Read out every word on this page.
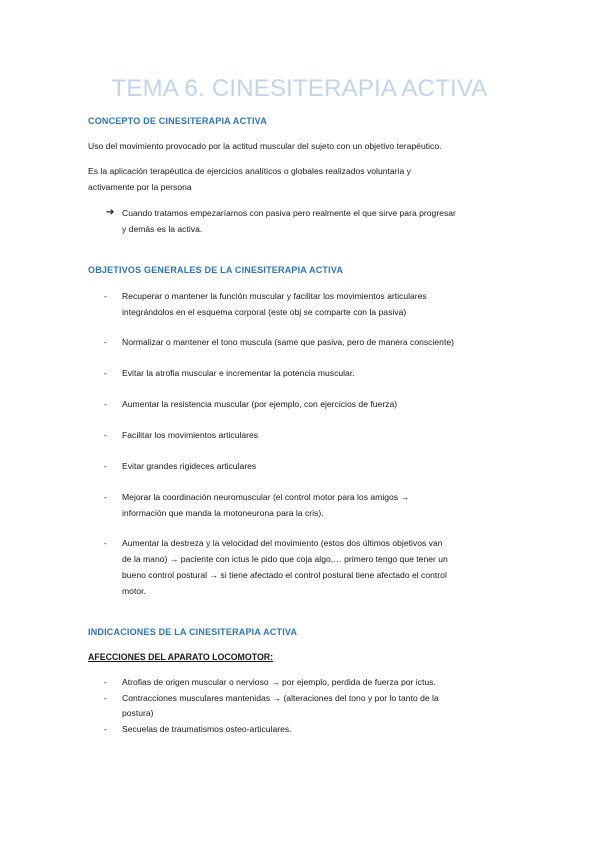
TEMA 6. CINESITERAPIA ACTIVA
CONCEPTO DE CINESITERAPIA ACTIVA
Uso del movimiento provocado por la actitud muscular del sujeto con un objetivo terapéutico.
Es la aplicación terapéutica de ejercicios analíticos o globales realizados voluntaria y
activamente por la persona
➔ Cuando tratamos empezaríamos con pasiva pero realmente el que sirve para progresar
y demás es la activa.
OBJETIVOS GENERALES DE LA CINESITERAPIA ACTIVA
- Recuperar o mantener la función muscular y facilitar los movimientos articulares
integrándolos en el esquema corporal (este obj se comparte con la pasiva)
- Normalizar o mantener el tono muscula (same que pasiva, pero de manera consciente)
- Evitar la atrofia muscular e incrementar la potencia muscular.
- Aumentar la resistencia muscular (por ejemplo, con ejercicios de fuerza)
- Facilitar los movimientos articulares
- Evitar grandes rigideces articulares
- Mejorar la coordinación neuromuscular (el control motor para los amigos →
información que manda la motoneurona para la cris).
- Aumentar la destreza y la velocidad del movimiento (estos dos últimos objetivos van
de la mano) → paciente con ictus le pido que coja algo,… primero tengo que tener un
bueno control postural → si tiene afectado el control postural tiene afectado el control
motor.
INDICACIONES DE LA CINESITERAPIA ACTIVA
AFECCIONES DEL APARATO LOCOMOTOR:
- Atrofias de origen muscular o nervioso → por ejemplo, perdida de fuerza por ictus.
- Contracciones musculares mantenidas → (alteraciones del tono y por lo tanto de la
postura)
- Secuelas de traumatismos osteo-articulares.
